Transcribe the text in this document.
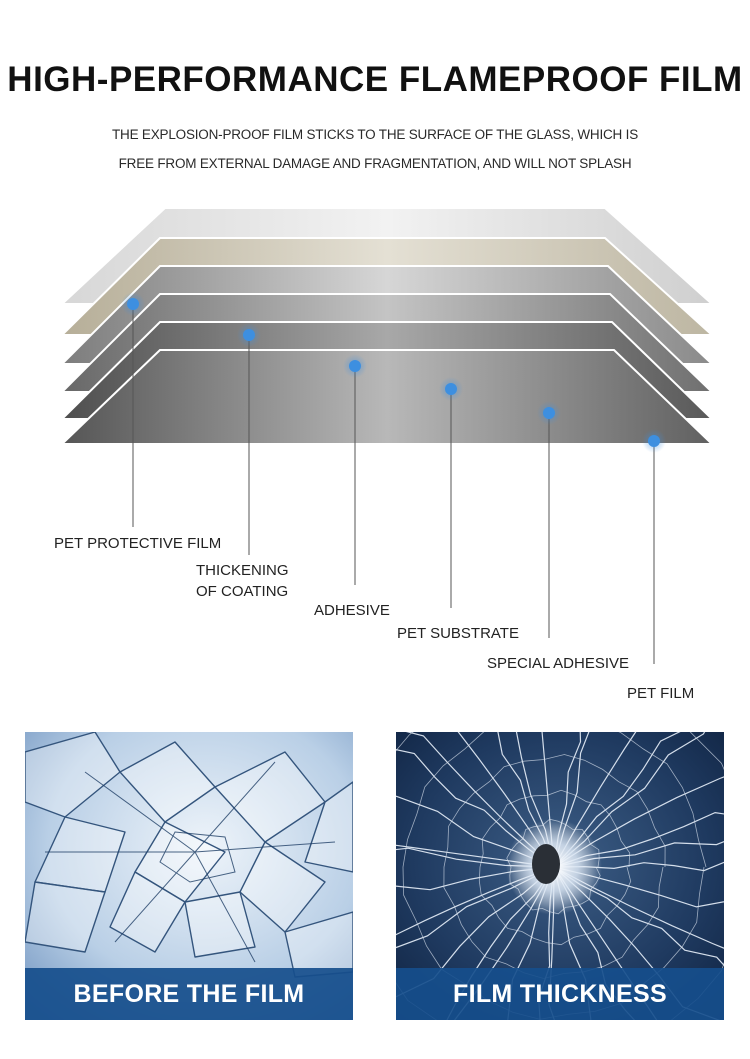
HIGH-PERFORMANCE FLAMEPROOF FILM
THE EXPLOSION-PROOF FILM STICKS TO THE SURFACE OF THE GLASS, WHICH IS
FREE FROM EXTERNAL DAMAGE AND FRAGMENTATION, AND WILL NOT SPLASH
PET PROTECTIVE FILM
THICKENING
OF COATING
ADHESIVE
PET SUBSTRATE
SPECIAL ADHESIVE
PET FILM
BEFORE THE FILM	FILM THICKNESS
